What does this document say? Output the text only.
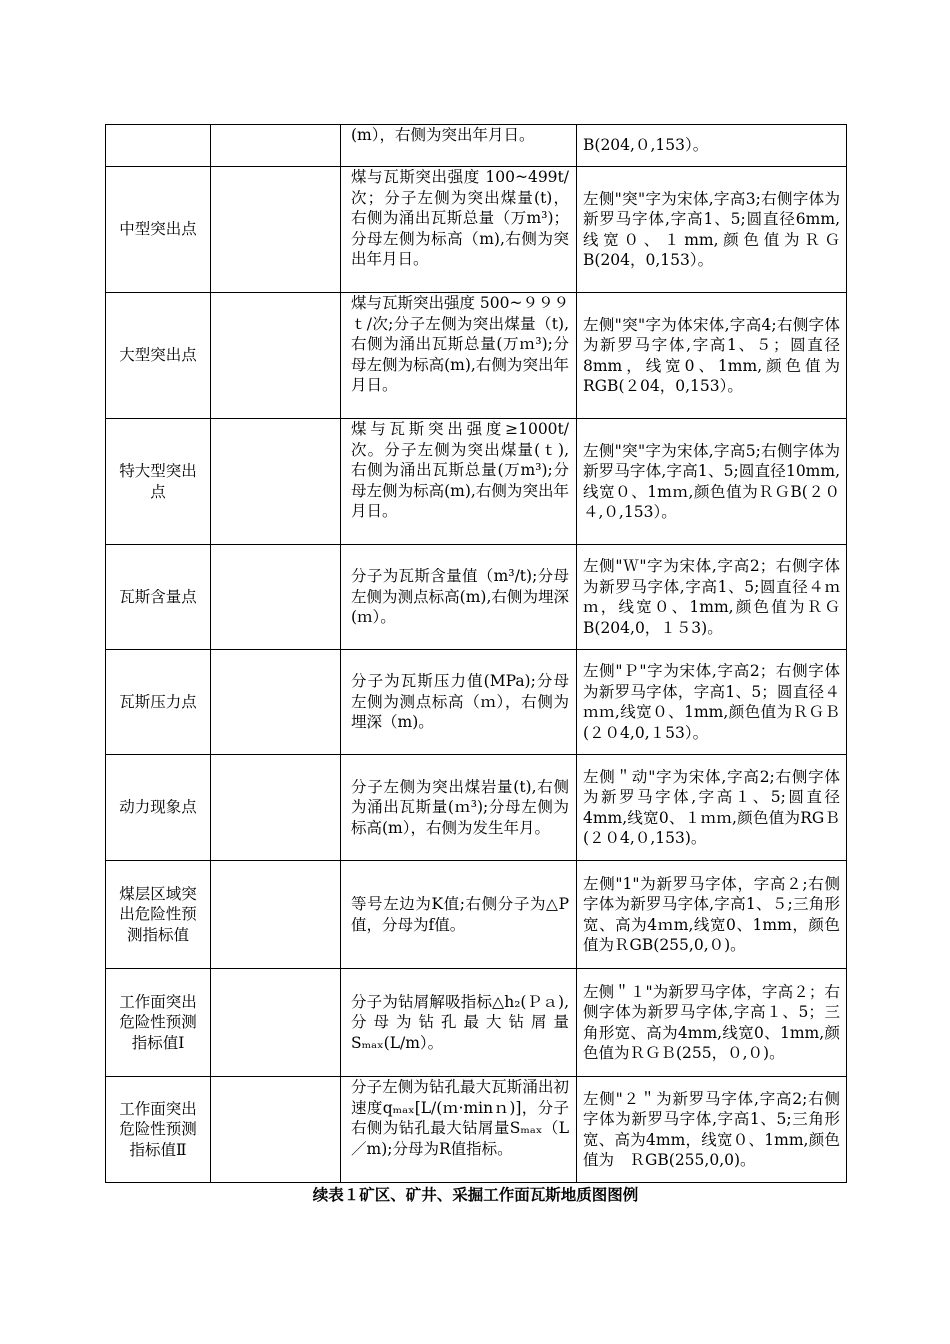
		(m），右侧为突出年月日。	B(204,０,153）。
中型突出点		煤与瓦斯突出强度 100~499t/次；分子左侧为突出煤量(t)，右侧为涌出瓦斯总量（万m³)；分母左侧为标高（m),右侧为突出年月日。	左侧"突"字为宋体,字高3;右侧字体为新罗马字体,字高1、5;圆直径6mm,线宽０、１mm,颜色值为ＲＧB(204，0,153）。
大型突出点		煤与瓦斯突出强度 500~９９９ｔ/次;分子左侧为突出煤量（t),右侧为涌出瓦斯总量(万ｍ³);分母左侧为标高(m),右侧为突出年月日。	左侧"突"字为体宋体,字高4;右侧字体为新罗马字体,字高1、５；圆直径8mm，线宽0、1mm,颜色值为RGB(２04，0,153）。
特大型突出点		煤与瓦斯突出强度≥1000t/次。分子左侧为突出煤量(ｔ),右侧为涌出瓦斯总量(万m³);分母左侧为标高(m),右侧为突出年月日。	左侧"突"字为宋体,字高5;右侧字体为新罗马字体,字高1、5;圆直径10mm,线宽０、1mｍ,颜色值为ＲＧB(２０４,０,153）。
瓦斯含量点		分子为瓦斯含量值（m³/t);分母左侧为测点标高(m),右侧为埋深(ｍ）。	左侧"Ｗ"字为宋体,字高2；右侧字体为新罗马字体,字高1、5;圆直径４ｍｍ，线宽０、1mm,颜色值为ＲＧB(204,0，１５3)。
瓦斯压力点		分子为瓦斯压力值(MPa);分母左侧为测点标高（ｍ），右侧为埋深（m)。	左侧"Ｐ"字为宋体,字高2；右侧字体为新罗马字体，字高1、5；圆直径４ｍｍ,线宽０、1mm,颜色值为ＲＧＢ(２０4,0,１53）。
动力现象点		分子左侧为突出煤岩量(t),右侧为涌出瓦斯量(ｍ³);分母左侧为标高(m），右侧为发生年月。	左侧＂动"字为宋体,字高2;右侧字体为新罗马字体,字高１、5;圆直径4mm,线宽0、１ｍｍ,颜色值为RGＢ(２０4,０,153)。
煤层区域突出危险性预测指标值		等号左边为K值;右侧分子为△P值，分母为f值。	左侧"1"为新罗马字体，字高２;右侧字体为新罗马字体,字高1、５;三角形宽、高为4ｍm,线宽0、1mm，颜色值为ＲGB(255,0,０)。
工作面突出危险性预测指标值Ⅰ		分子为钻屑解吸指标△h₂(Ｐａ),分母为钻孔最大钻屑量Sₘₐₓ(L/m）。	左侧＂１"为新罗马字体，字高２；右侧字体为新罗马字体,字高１、5；三角形宽、高为4mm,线宽0、1mm,颜色值为ＲＧＢ(255，０,０)。
工作面突出危险性预测指标值Ⅱ		分子左侧为钻孔最大瓦斯涌出初速度qₘₐₓ[L/(ｍ·minｎ)]，分子右侧为钻孔最大钻屑量Sₘₐₓ（L／m);分母为R值指标。	左侧"２＂为新罗马字体,字高2;右侧字体为新罗马字体,字高1、5;三角形宽、高为4mm，线宽０、1mm,颜色值为　ＲGB(255,0,0)。
续表１矿区、矿井、采掘工作面瓦斯地质图图例
